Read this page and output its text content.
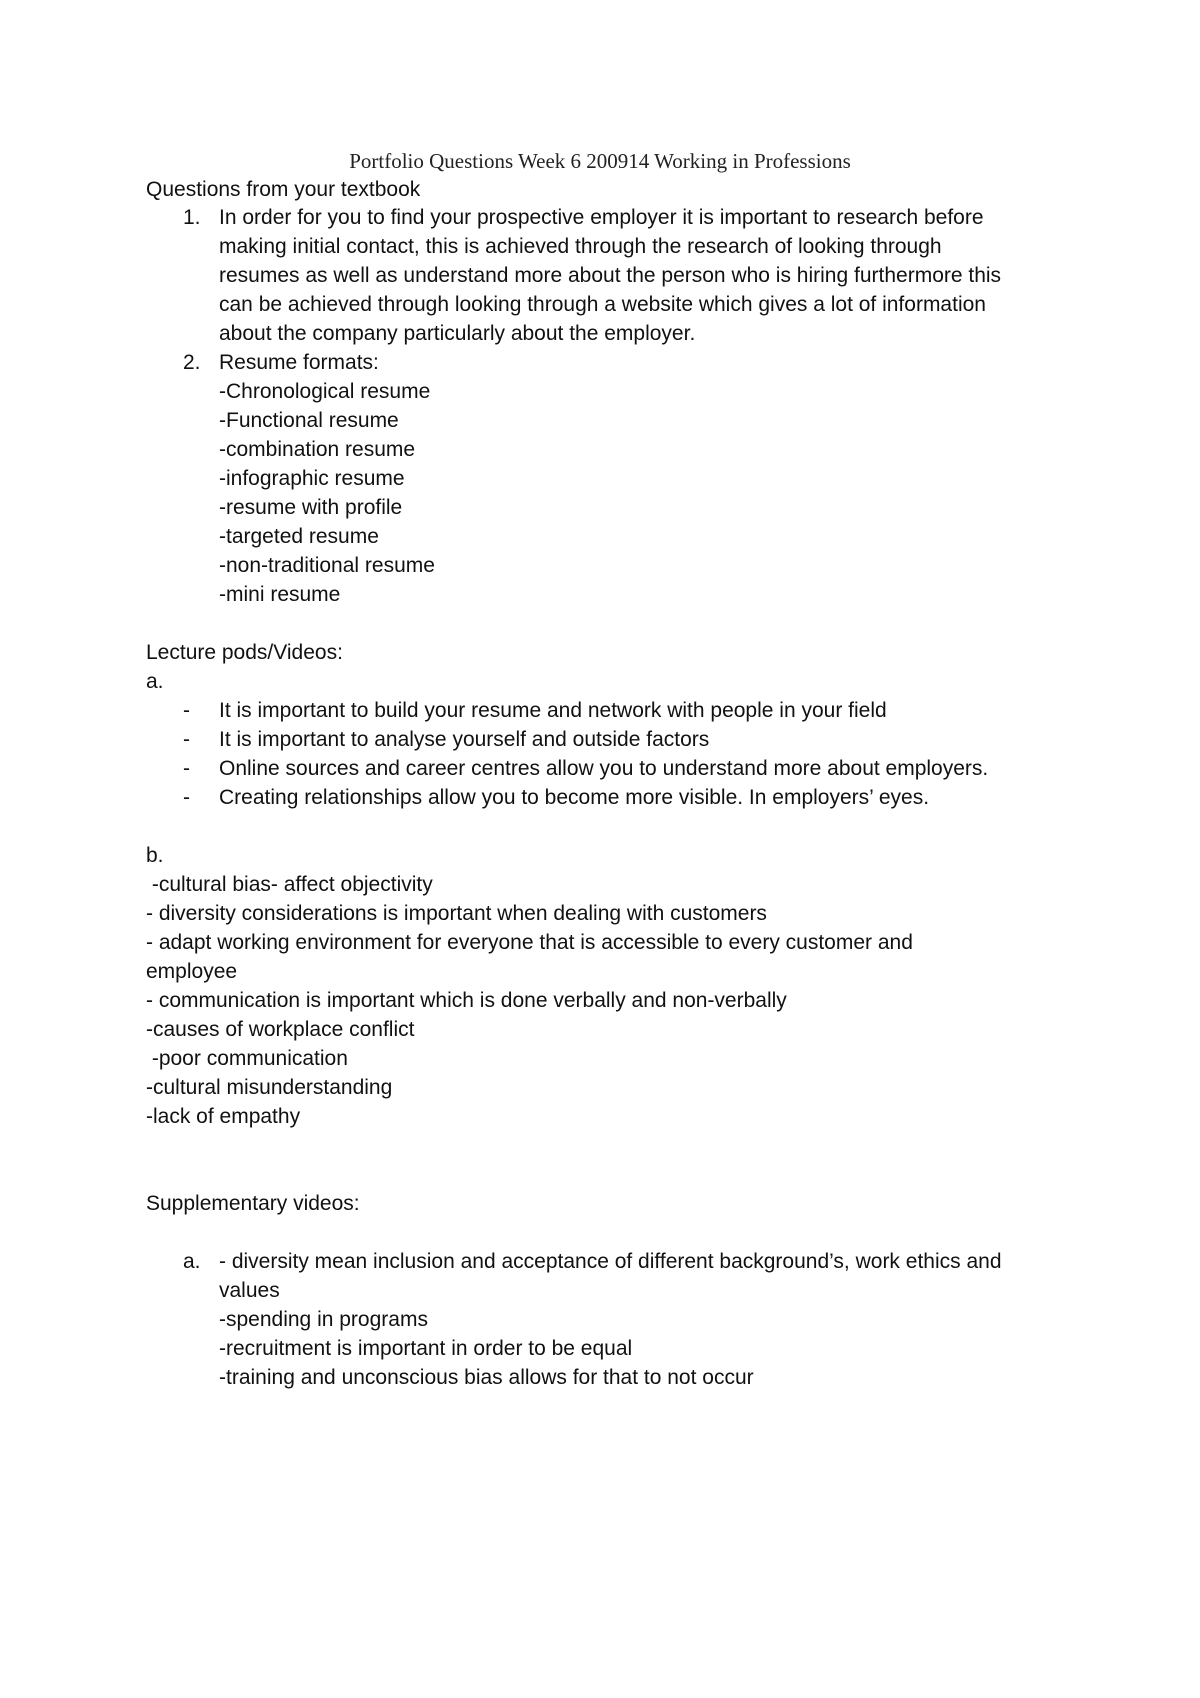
Portfolio Questions Week 6 200914 Working in Professions
Questions from your textbook
1. In order for you to find your prospective employer it is important to research before
making initial contact, this is achieved through the research of looking through
resumes as well as understand more about the person who is hiring furthermore this
can be achieved through looking through a website which gives a lot of information
about the company particularly about the employer.
2. Resume formats:
-Chronological resume
-Functional resume
-combination resume
-infographic resume
-resume with profile
-targeted resume
-non-traditional resume
-mini resume
Lecture pods/Videos:
a.
- It is important to build your resume and network with people in your field
- It is important to analyse yourself and outside factors
- Online sources and career centres allow you to understand more about employers.
- Creating relationships allow you to become more visible. In employers’ eyes.
b.
-cultural bias- affect objectivity
- diversity considerations is important when dealing with customers
- adapt working environment for everyone that is accessible to every customer and
employee
- communication is important which is done verbally and non-verbally
-causes of workplace conflict
-poor communication
-cultural misunderstanding
-lack of empathy
Supplementary videos:
a. - diversity mean inclusion and acceptance of different background’s, work ethics and
values
-spending in programs
-recruitment is important in order to be equal
-training and unconscious bias allows for that to not occur
